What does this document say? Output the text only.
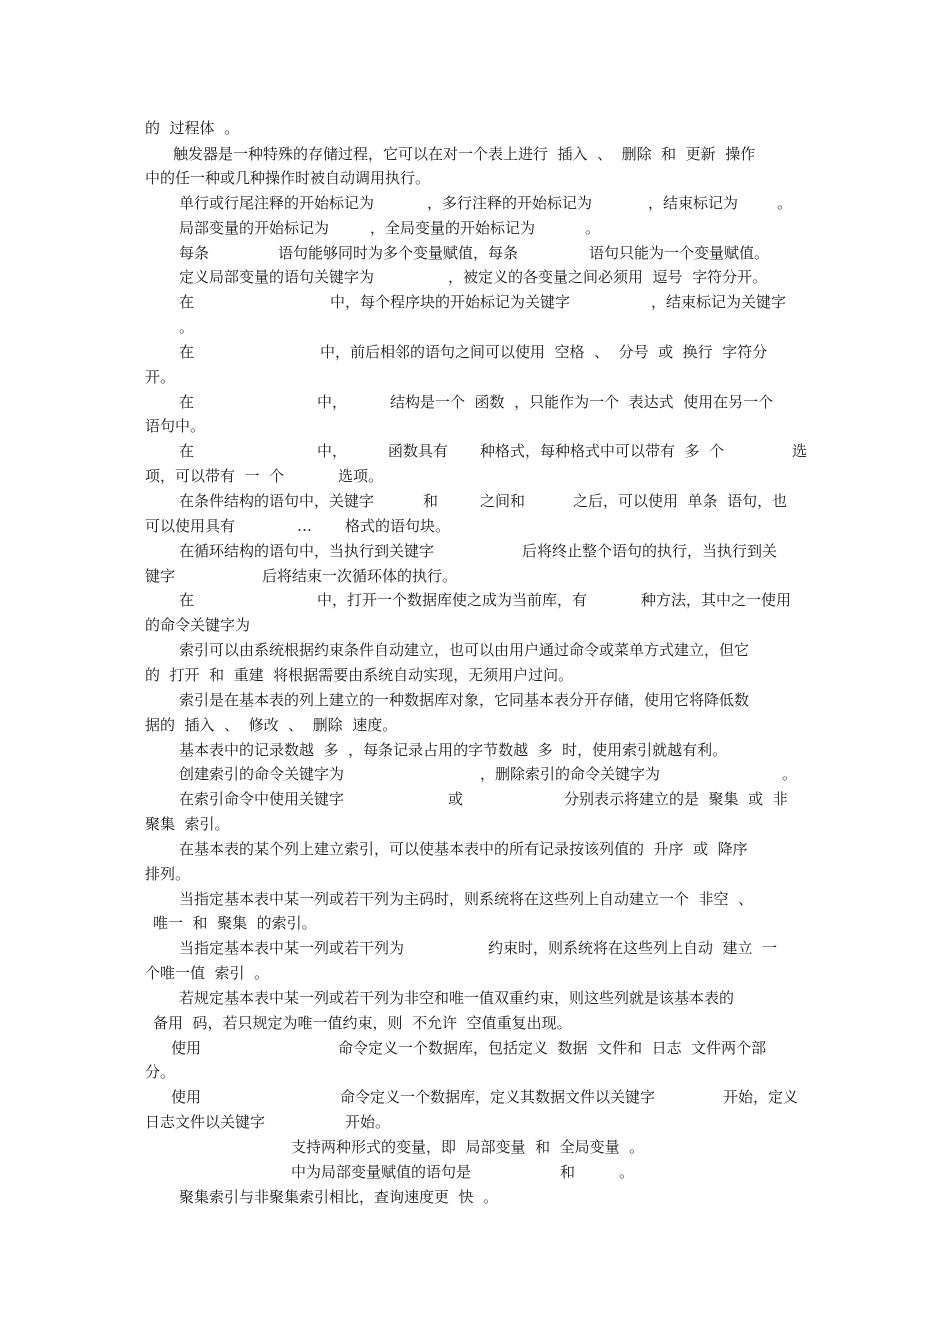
的  过程体  。
触发器是一种特殊的存储过程，它可以在对一个表上进行  插入  、  删除  和  更新  操作
中的任一种或几种操作时被自动调用执行。
单行或行尾注释的开始标记为	，多行注释的开始标记为	，结束标记为	。
局部变量的开始标记为	，全局变量的开始标记为	。
每条	语句能够同时为多个变量赋值，每条	语句只能为一个变量赋值。
定义局部变量的语句关键字为	，被定义的各变量之间必须用  逗号  字符分开。
在	中，每个程序块的开始标记为关键字	，结束标记为关键字
。
在	中，前后相邻的语句之间可以使用  空格  、  分号  或  换行  字符分
开。
在	中，	结构是一个  函数  ，只能作为一个  表达式  使用在另一个
语句中。
在	中，	函数具有 种格式，每种格式中可以带有  多  个	选
项，可以带有  一  个	选项。
在条件结构的语句中，关键字	和	之间和	之后，可以使用  单条  语句，也
可以使用具有	… 格式的语句块。
在循环结构的语句中，当执行到关键字	后将终止整个语句的执行，当执行到关
键字	后将结束一次循环体的执行。
在	中，打开一个数据库使之成为当前库，有	种方法，其中之一使用
的命令关键字为
索引可以由系统根据约束条件自动建立，也可以由用户通过命令或菜单方式建立，但它
的  打开  和  重建  将根据需要由系统自动实现，无须用户过问。
索引是在基本表的列上建立的一种数据库对象，它同基本表分开存储，使用它将降低数
据的  插入  、  修改  、  删除  速度。
基本表中的记录数越  多  ，每条记录占用的字节数越  多  时，使用索引就越有利。
创建索引的命令关键字为	，删除索引的命令关键字为	。
在索引命令中使用关键字	或	分别表示将建立的是  聚集  或  非
聚集  索引。
在基本表的某个列上建立索引，可以使基本表中的所有记录按该列值的  升序  或  降序
排列。
当指定基本表中某一列或若干列为主码时，则系统将在这些列上自动建立一个  非空  、
唯一  和  聚集  的索引。
当指定基本表中某一列或若干列为	约束时，则系统将在这些列上自动  建立  一
个唯一值  索引  。
若规定基本表中某一列或若干列为非空和唯一值双重约束，则这些列就是该基本表的
备用  码，若只规定为唯一值约束，则  不允许  空值重复出现。
使用	命令定义一个数据库，包括定义  数据  文件和  日志  文件两个部
分。
使用	命令定义一个数据库，定义其数据文件以关键字	开始，定义
日志文件以关键字	开始。
支持两种形式的变量，即  局部变量  和  全局变量  。
中为局部变量赋值的语句是	和	。
聚集索引与非聚集索引相比，查询速度更  快  。
